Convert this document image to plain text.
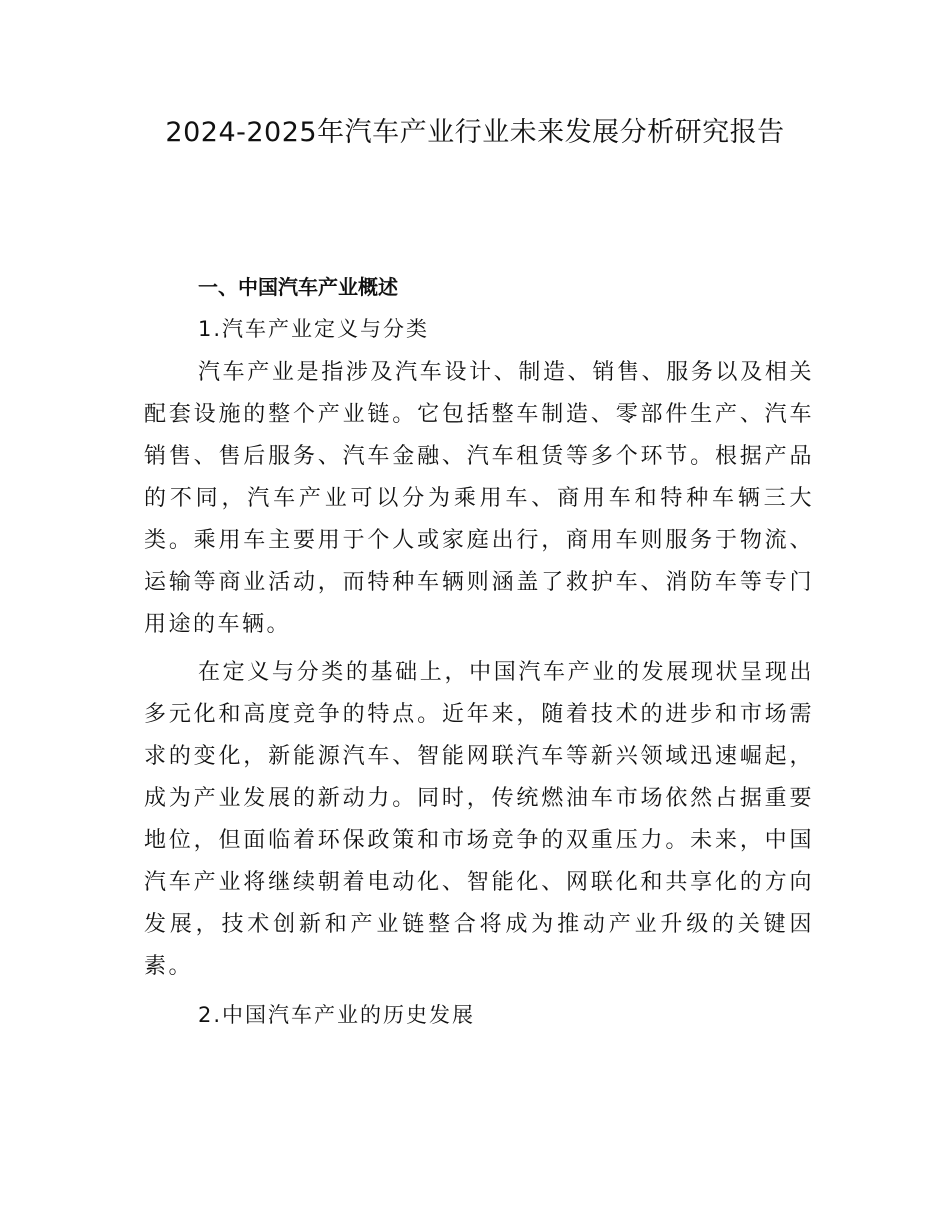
2024-2025年汽车产业行业未来发展分析研究报告
一、中国汽车产业概述
1.汽车产业定义与分类

汽车产业是指涉及汽车设计、制造、销售、服务以及相关配套设施的整个产业链。它包括整车制造、零部件生产、汽车销售、售后服务、汽车金融、汽车租赁等多个环节。根据产品的不同，汽车产业可以分为乘用车、商用车和特种车辆三大类。乘用车主要用于个人或家庭出行，商用车则服务于物流、运输等商业活动，而特种车辆则涵盖了救护车、消防车等专门用途的车辆。

在定义与分类的基础上，中国汽车产业的发展现状呈现出多元化和高度竞争的特点。近年来，随着技术的进步和市场需求的变化，新能源汽车、智能网联汽车等新兴领域迅速崛起，成为产业发展的新动力。同时，传统燃油车市场依然占据重要地位，但面临着环保政策和市场竞争的双重压力。未来，中国汽车产业将继续朝着电动化、智能化、网联化和共享化的方向发展，技术创新和产业链整合将成为推动产业升级的关键因素。

2.中国汽车产业的历史发展
